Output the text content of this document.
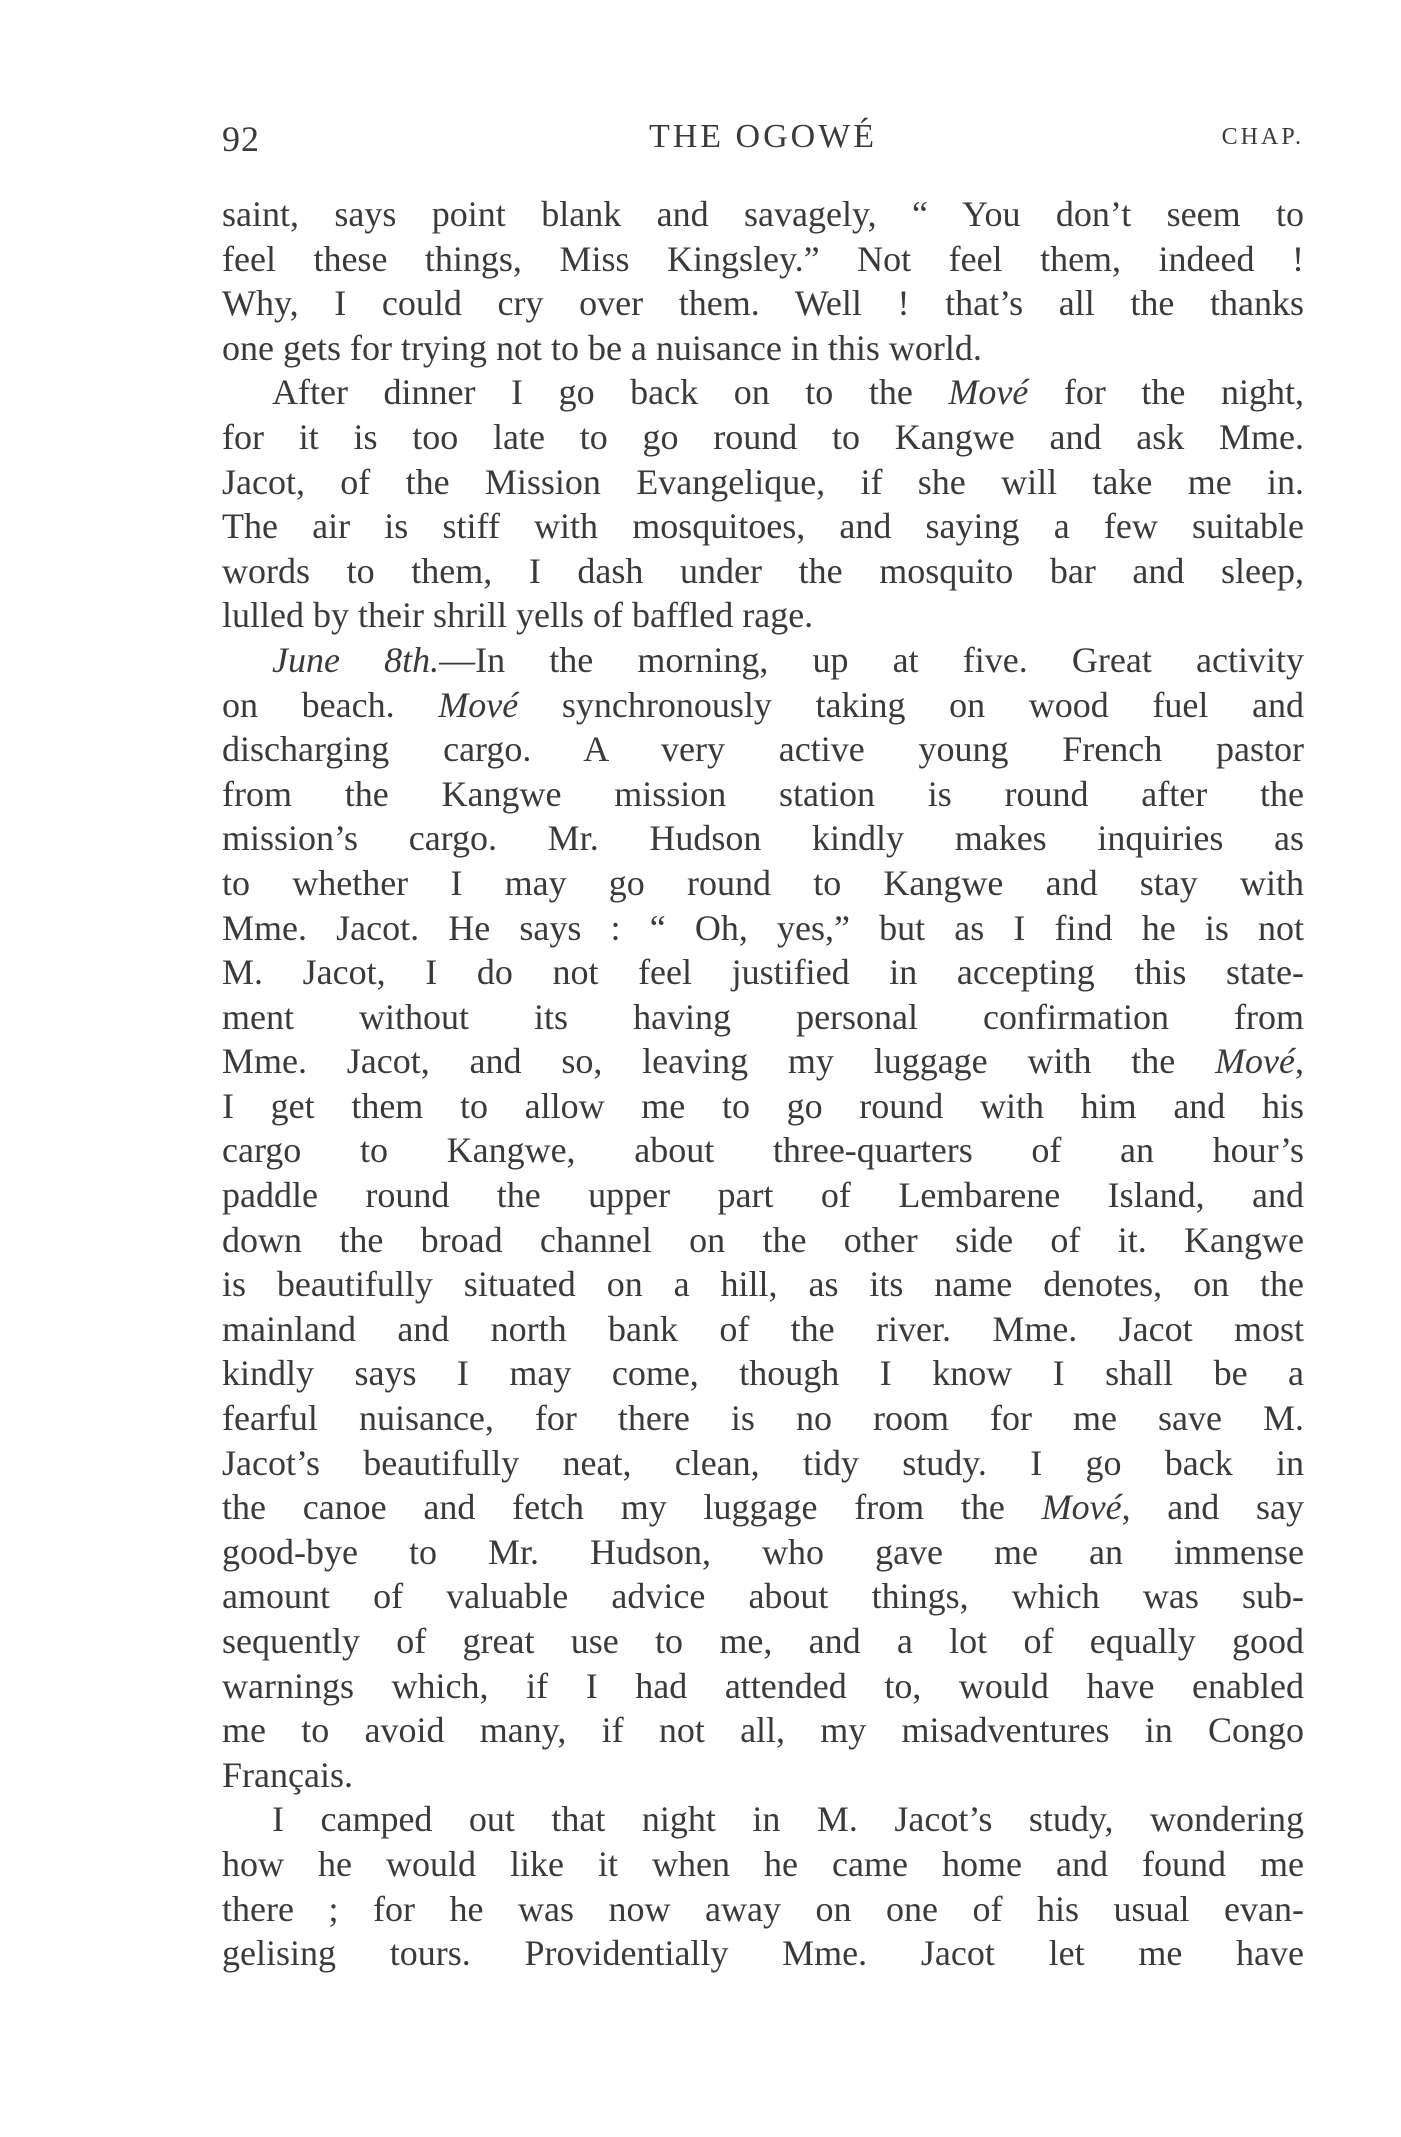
92	THE OGOWÉ	CHAP.
saint, says point blank and savagely, “ You don’t seem to
feel these things, Miss Kingsley.” Not feel them, indeed !
Why, I could cry over them. Well ! that’s all the thanks
one gets for trying not to be a nuisance in this world.
After dinner I go back on to the Mové for the night,
for it is too late to go round to Kangwe and ask Mme.
Jacot, of the Mission Evangelique, if she will take me in.
The air is stiff with mosquitoes, and saying a few suitable
words to them, I dash under the mosquito bar and sleep,
lulled by their shrill yells of baffled rage.
June 8th.—In the morning, up at five. Great activity
on beach. Mové synchronously taking on wood fuel and
discharging cargo. A very active young French pastor
from the Kangwe mission station is round after the
mission’s cargo. Mr. Hudson kindly makes inquiries as
to whether I may go round to Kangwe and stay with
Mme. Jacot. He says : “ Oh, yes,” but as I find he is not
M. Jacot, I do not feel justified in accepting this state-
ment without its having personal confirmation from
Mme. Jacot, and so, leaving my luggage with the Mové,
I get them to allow me to go round with him and his
cargo to Kangwe, about three-quarters of an hour’s
paddle round the upper part of Lembarene Island, and
down the broad channel on the other side of it. Kangwe
is beautifully situated on a hill, as its name denotes, on the
mainland and north bank of the river. Mme. Jacot most
kindly says I may come, though I know I shall be a
fearful nuisance, for there is no room for me save M.
Jacot’s beautifully neat, clean, tidy study. I go back in
the canoe and fetch my luggage from the Mové, and say
good-bye to Mr. Hudson, who gave me an immense
amount of valuable advice about things, which was sub-
sequently of great use to me, and a lot of equally good
warnings which, if I had attended to, would have enabled
me to avoid many, if not all, my misadventures in Congo
Français.
I camped out that night in M. Jacot’s study, wondering
how he would like it when he came home and found me
there ; for he was now away on one of his usual evan-
gelising tours. Providentially Mme. Jacot let me have
